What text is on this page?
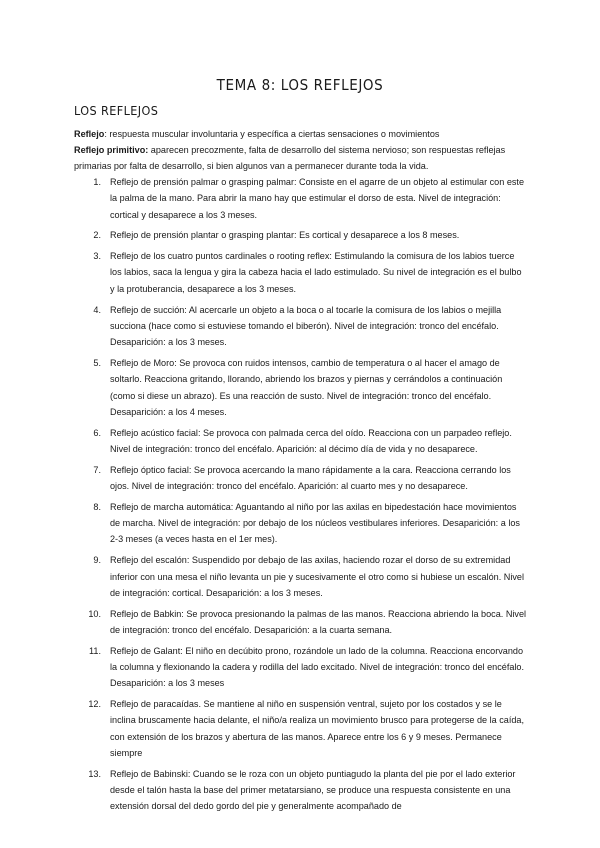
TEMA 8: LOS REFLEJOS
LOS REFLEJOS

Reflejo: respuesta muscular involuntaria y específica a ciertas sensaciones o movimientos

Reflejo primitivo: aparecen precozmente, falta de desarrollo del sistema nervioso; son respuestas reflejas primarias por falta de desarrollo, si bien algunos van a permanecer durante toda la vida.

1. Reflejo de prensión palmar o grasping palmar: Consiste en el agarre de un objeto al estimular con este la palma de la mano. Para abrir la mano hay que estimular el dorso de esta. Nivel de integración: cortical y desaparece a los 3 meses.
2. Reflejo de prensión plantar o grasping plantar: Es cortical y desaparece a los 8 meses.
3. Reflejo de los cuatro puntos cardinales o rooting reflex: Estimulando la comisura de los labios tuerce los labios, saca la lengua y gira la cabeza hacia el lado estimulado. Su nivel de integración es el bulbo y la protuberancia, desaparece a los 3 meses.
4. Reflejo de succión: Al acercarle un objeto a la boca o al tocarle la comisura de los labios o mejilla succiona (hace como si estuviese tomando el biberón). Nivel de integración: tronco del encéfalo. Desaparición: a los 3 meses.
5. Reflejo de Moro: Se provoca con ruidos intensos, cambio de temperatura o al hacer el amago de soltarlo. Reacciona gritando, llorando, abriendo los brazos y piernas y cerrándolos a continuación (como si diese un abrazo). Es una reacción de susto. Nivel de integración: tronco del encéfalo. Desaparición: a los 4 meses.
6. Reflejo acústico facial: Se provoca con palmada cerca del oído. Reacciona con un parpadeo reflejo. Nivel de integración: tronco del encéfalo. Aparición: al décimo día de vida y no desaparece.
7. Reflejo óptico facial: Se provoca acercando la mano rápidamente a la cara. Reacciona cerrando los ojos. Nivel de integración: tronco del encéfalo. Aparición: al cuarto mes y no desaparece.
8. Reflejo de marcha automática: Aguantando al niño por las axilas en bipedestación hace movimientos de marcha. Nivel de integración: por debajo de los núcleos vestibulares inferiores. Desaparición: a los 2-3 meses (a veces hasta en el 1er mes).
9. Reflejo del escalón: Suspendido por debajo de las axilas, haciendo rozar el dorso de su extremidad inferior con una mesa el niño levanta un pie y sucesivamente el otro como si hubiese un escalón. Nivel de integración: cortical. Desaparición: a los 3 meses.
10. Reflejo de Babkin: Se provoca presionando la palmas de las manos. Reacciona abriendo la boca. Nivel de integración: tronco del encéfalo. Desaparición: a la cuarta semana.
11. Reflejo de Galant: El niño en decúbito prono, rozándole un lado de la columna. Reacciona encorvando la columna y flexionando la cadera y rodilla del lado excitado. Nivel de integración: tronco del encéfalo. Desaparición: a los 3 meses
12. Reflejo de paracaídas. Se mantiene al niño en suspensión ventral, sujeto por los costados y se le inclina bruscamente hacia delante, el niño/a realiza un movimiento brusco para protegerse de la caída, con extensión de los brazos y abertura de las manos. Aparece entre los 6 y 9 meses. Permanece siempre
13. Reflejo de Babinski: Cuando se le roza con un objeto puntiagudo la planta del pie por el lado exterior desde el talón hasta la base del primer metatarsiano, se produce una respuesta consistente en una extensión dorsal del dedo gordo del pie y generalmente acompañado de
